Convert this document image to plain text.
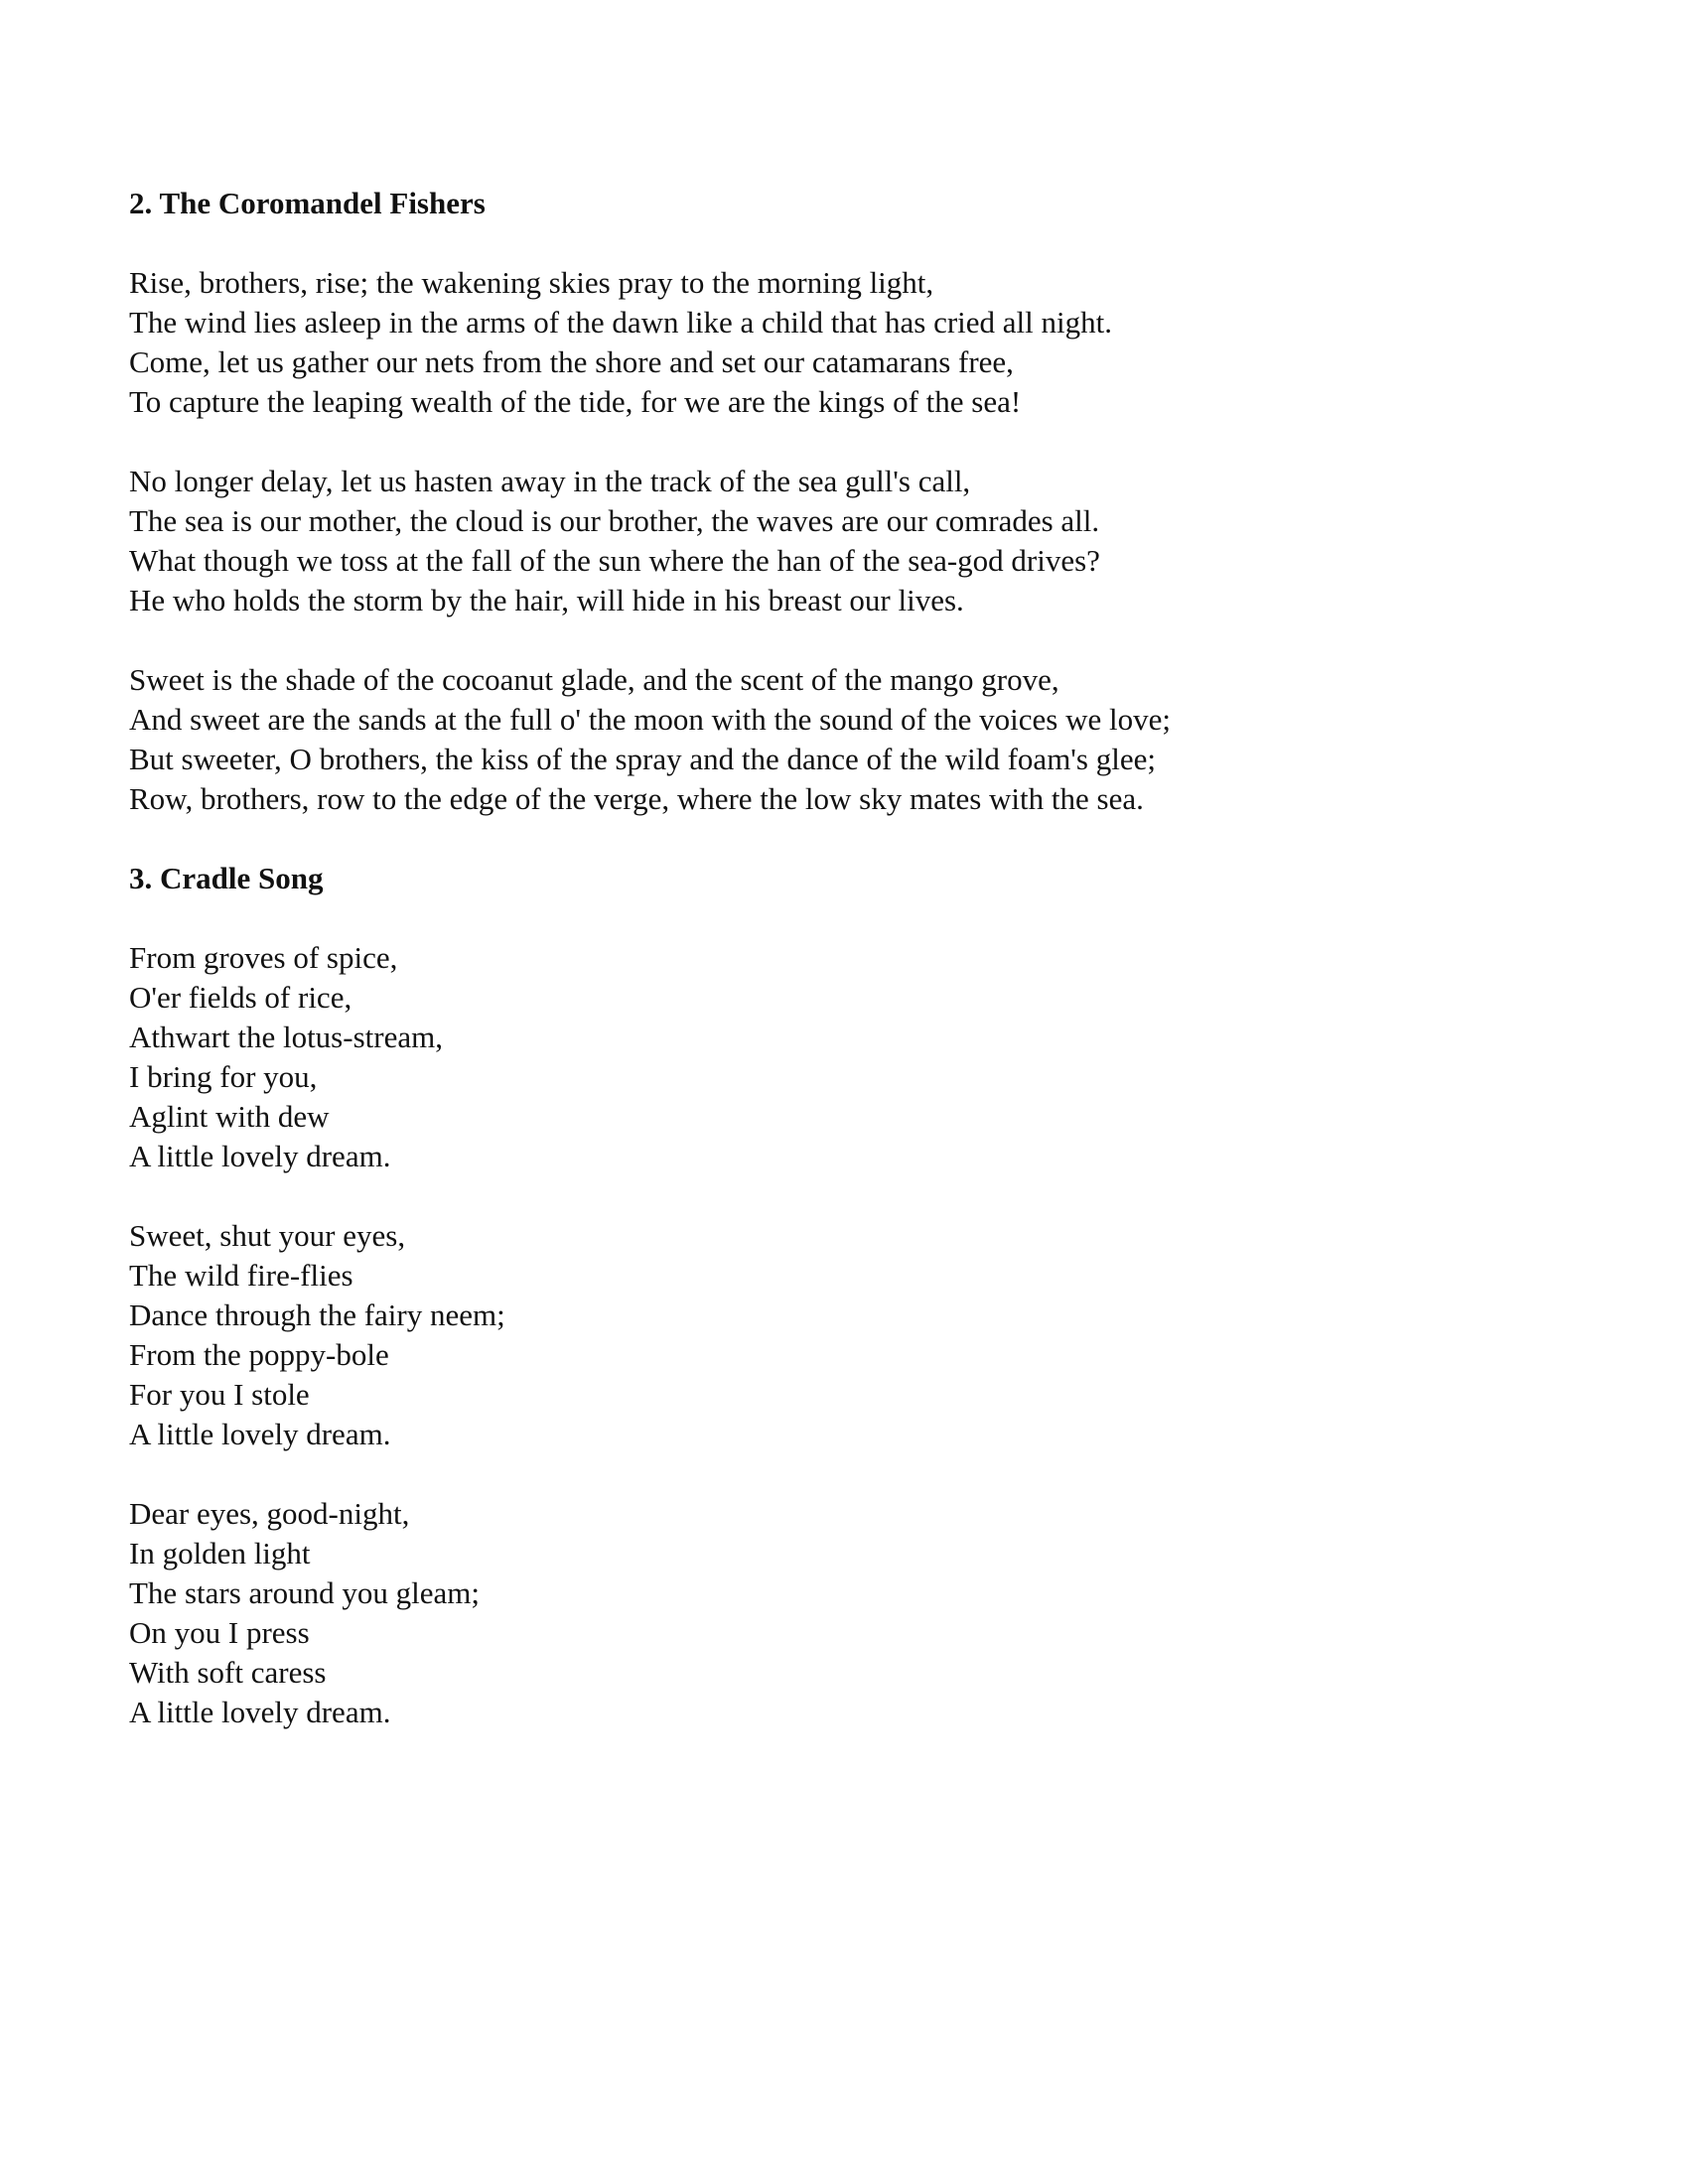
2. The Coromandel Fishers
Rise, brothers, rise; the wakening skies pray to the morning light,
The wind lies asleep in the arms of the dawn like a child that has cried all night.
Come, let us gather our nets from the shore and set our catamarans free,
To capture the leaping wealth of the tide, for we are the kings of the sea!
No longer delay, let us hasten away in the track of the sea gull's call,
The sea is our mother, the cloud is our brother, the waves are our comrades all.
What though we toss at the fall of the sun where the han of the sea-god drives?
He who holds the storm by the hair, will hide in his breast our lives.
Sweet is the shade of the cocoanut glade, and the scent of the mango grove,
And sweet are the sands at the full o' the moon with the sound of the voices we love;
But sweeter, O brothers, the kiss of the spray and the dance of the wild foam's glee;
Row, brothers, row to the edge of the verge, where the low sky mates with the sea.
3. Cradle Song
From groves of spice,
O'er fields of rice,
Athwart the lotus-stream,
I bring for you,
Aglint with dew
A little lovely dream.
Sweet, shut your eyes,
The wild fire-flies
Dance through the fairy neem;
From the poppy-bole
For you I stole
A little lovely dream.
Dear eyes, good-night,
In golden light
The stars around you gleam;
On you I press
With soft caress
A little lovely dream.
